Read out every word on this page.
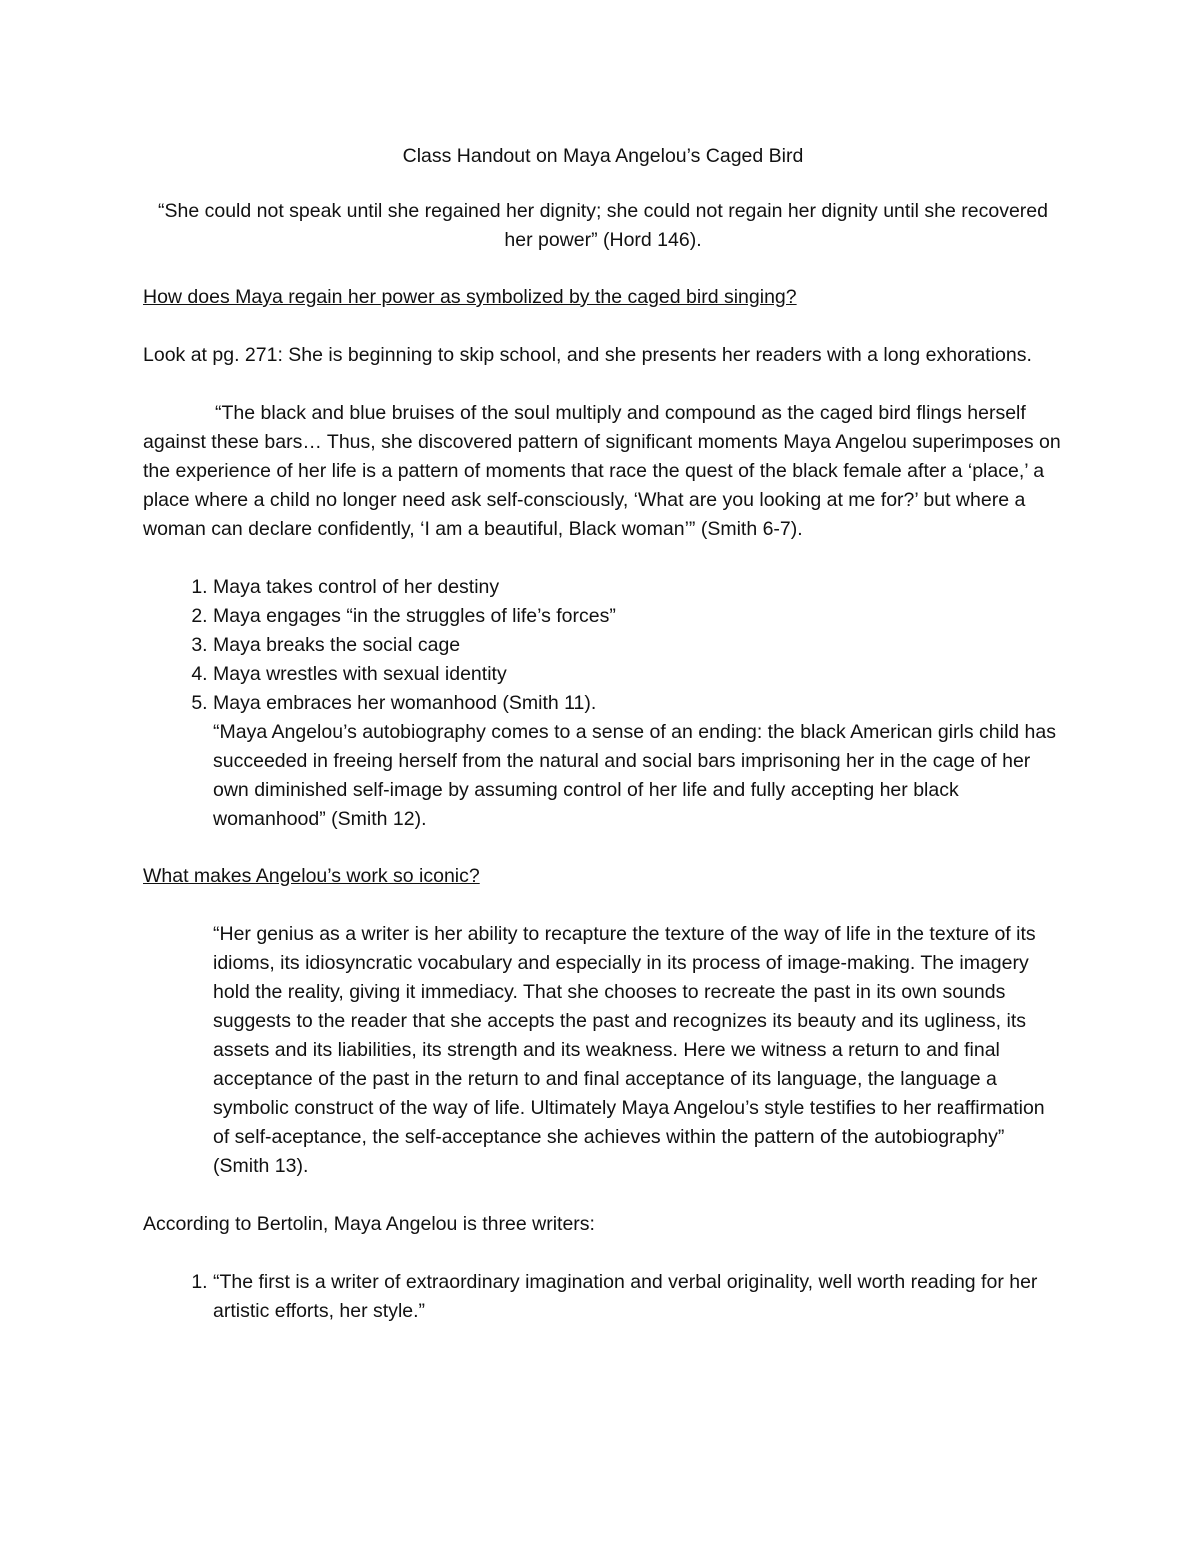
Class Handout on Maya Angelou’s Caged Bird

“She could not speak until she regained her dignity; she could not regain her dignity until she recovered her power” (Hord 146).

How does Maya regain her power as symbolized by the caged bird singing?

Look at pg. 271: She is beginning to skip school, and she presents her readers with a long exhorations.

“The black and blue bruises of the soul multiply and compound as the caged bird flings herself against these bars… Thus, she discovered pattern of significant moments Maya Angelou superimposes on the experience of her life is a pattern of moments that race the quest of the black female after a ‘place,’ a place where a child no longer need ask self-consciously, ‘What are you looking at me for?’ but where a woman can declare confidently, ‘I am a beautiful, Black woman’” (Smith 6-7).

1. Maya takes control of her destiny
2. Maya engages “in the struggles of life’s forces”
3. Maya breaks the social cage
4. Maya wrestles with sexual identity
5. Maya embraces her womanhood (Smith 11).

“Maya Angelou’s autobiography comes to a sense of an ending: the black American girls child has succeeded in freeing herself from the natural and social bars imprisoning her in the cage of her own diminished self-image by assuming control of her life and fully accepting her black womanhood” (Smith 12).

What makes Angelou’s work so iconic?

“Her genius as a writer is her ability to recapture the texture of the way of life in the texture of its idioms, its idiosyncratic vocabulary and especially in its process of image-making. The imagery hold the reality, giving it immediacy. That she chooses to recreate the past in its own sounds suggests to the reader that she accepts the past and recognizes its beauty and its ugliness, its assets and its liabilities, its strength and its weakness. Here we witness a return to and final acceptance of the past in the return to and final acceptance of its language, the language a symbolic construct of the way of life. Ultimately Maya Angelou’s style testifies to her reaffirmation of self-aceptance, the self-acceptance she achieves within the pattern of the autobiography” (Smith 13).

According to Bertolin, Maya Angelou is three writers:

1. “The first is a writer of extraordinary imagination and verbal originality, well worth reading for her artistic efforts, her style.”
